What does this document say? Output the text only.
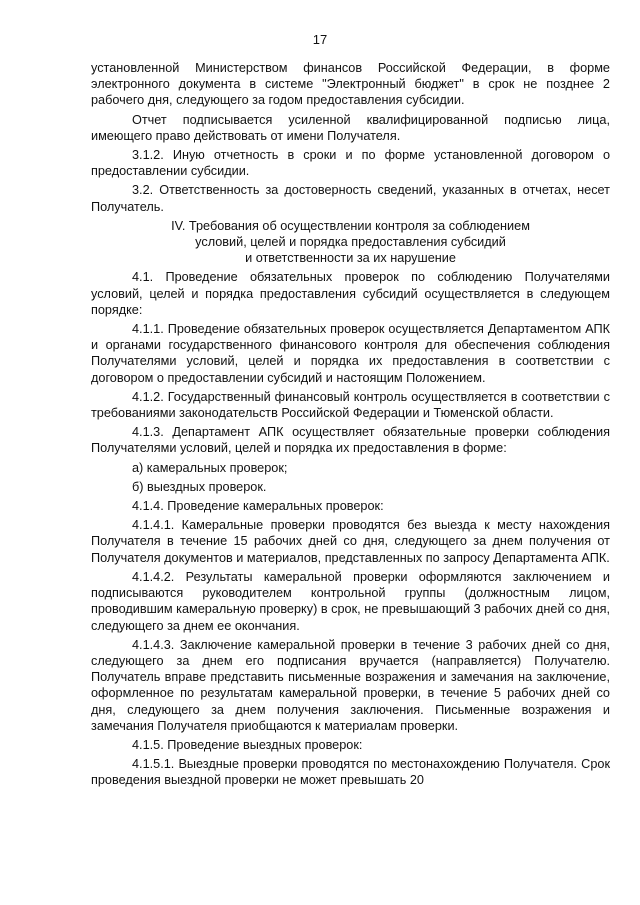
17

установленной Министерством финансов Российской Федерации, в форме электронного документа в системе "Электронный бюджет" в срок не позднее 2 рабочего дня, следующего за годом предоставления субсидии.

Отчет подписывается усиленной квалифицированной подписью лица, имеющего право действовать от имени Получателя.

3.1.2. Иную отчетность в сроки и по форме установленной договором о предоставлении субсидии.

3.2. Ответственность за достоверность сведений, указанных в отчетах, несет Получатель.

IV. Требования об осуществлении контроля за соблюдением
условий, целей и порядка предоставления субсидий
и ответственности за их нарушение

4.1. Проведение обязательных проверок по соблюдению Получателями условий, целей и порядка предоставления субсидий осуществляется в следующем порядке:

4.1.1. Проведение обязательных проверок осуществляется Департаментом АПК и органами государственного финансового контроля для обеспечения соблюдения Получателями условий, целей и порядка их предоставления в соответствии с договором о предоставлении субсидий и настоящим Положением.

4.1.2. Государственный финансовый контроль осуществляется в соответствии с требованиями законодательств Российской Федерации и Тюменской области.

4.1.3. Департамент АПК осуществляет обязательные проверки соблюдения Получателями условий, целей и порядка их предоставления в форме:

а) камеральных проверок;

б) выездных проверок.

4.1.4. Проведение камеральных проверок:

4.1.4.1. Камеральные проверки проводятся без выезда к месту нахождения Получателя в течение 15 рабочих дней со дня, следующего за днем получения от Получателя документов и материалов, представленных по запросу Департамента АПК.

4.1.4.2. Результаты камеральной проверки оформляются заключением и подписываются руководителем контрольной группы (должностным лицом, проводившим камеральную проверку) в срок, не превышающий 3 рабочих дней со дня, следующего за днем ее окончания.

4.1.4.3. Заключение камеральной проверки в течение 3 рабочих дней со дня, следующего за днем его подписания вручается (направляется) Получателю. Получатель вправе представить письменные возражения и замечания на заключение, оформленное по результатам камеральной проверки, в течение 5 рабочих дней со дня, следующего за днем получения заключения. Письменные возражения и замечания Получателя приобщаются к материалам проверки.

4.1.5. Проведение выездных проверок:

4.1.5.1. Выездные проверки проводятся по местонахождению Получателя. Срок проведения выездной проверки не может превышать 20
